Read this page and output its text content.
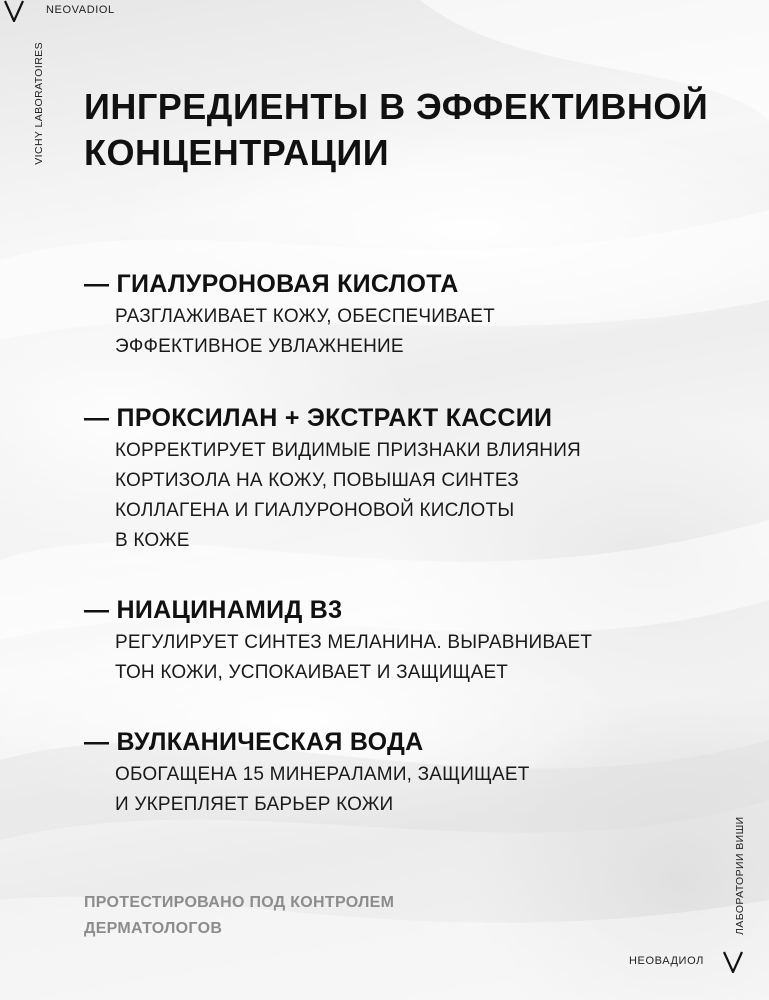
NEOVADIOL
VICHY LABORATOIRES ИНГРЕДИЕНТЫ В ЭФФЕКТИВНОЙ
КОНЦЕНТРАЦИИ
— ГИАЛУРОНОВАЯ КИСЛОТА
РАЗГЛАЖИВАЕТ КОЖУ, ОБЕСПЕЧИВАЕТ
ЭФФЕКТИВНОЕ УВЛАЖНЕНИЕ
— ПРОКСИЛАН + ЭКСТРАКТ КАССИИ
КОРРЕКТИРУЕТ ВИДИМЫЕ ПРИЗНАКИ ВЛИЯНИЯ
КОРТИЗОЛА НА КОЖУ, ПОВЫШАЯ СИНТЕЗ
КОЛЛАГЕНА И ГИАЛУРОНОВОЙ КИСЛОТЫ
В КОЖЕ
— НИАЦИНАМИД В3
РЕГУЛИРУЕТ СИНТЕЗ МЕЛАНИНА. ВЫРАВНИВАЕТ
ТОН КОЖИ, УСПОКАИВАЕТ И ЗАЩИЩАЕТ
— ВУЛКАНИЧЕСКАЯ ВОДА
ОБОГАЩЕНА 15 МИНЕРАЛАМИ, ЗАЩИЩАЕТ
И УКРЕПЛЯЕТ БАРЬЕР КОЖИ
ПРОТЕСТИРОВАНО ПОД КОНТРОЛЕМ
ДЕРМАТОЛОГОВ	ЛАБОРАТОРИИ ВИШИ
НЕОВАДИОЛ
